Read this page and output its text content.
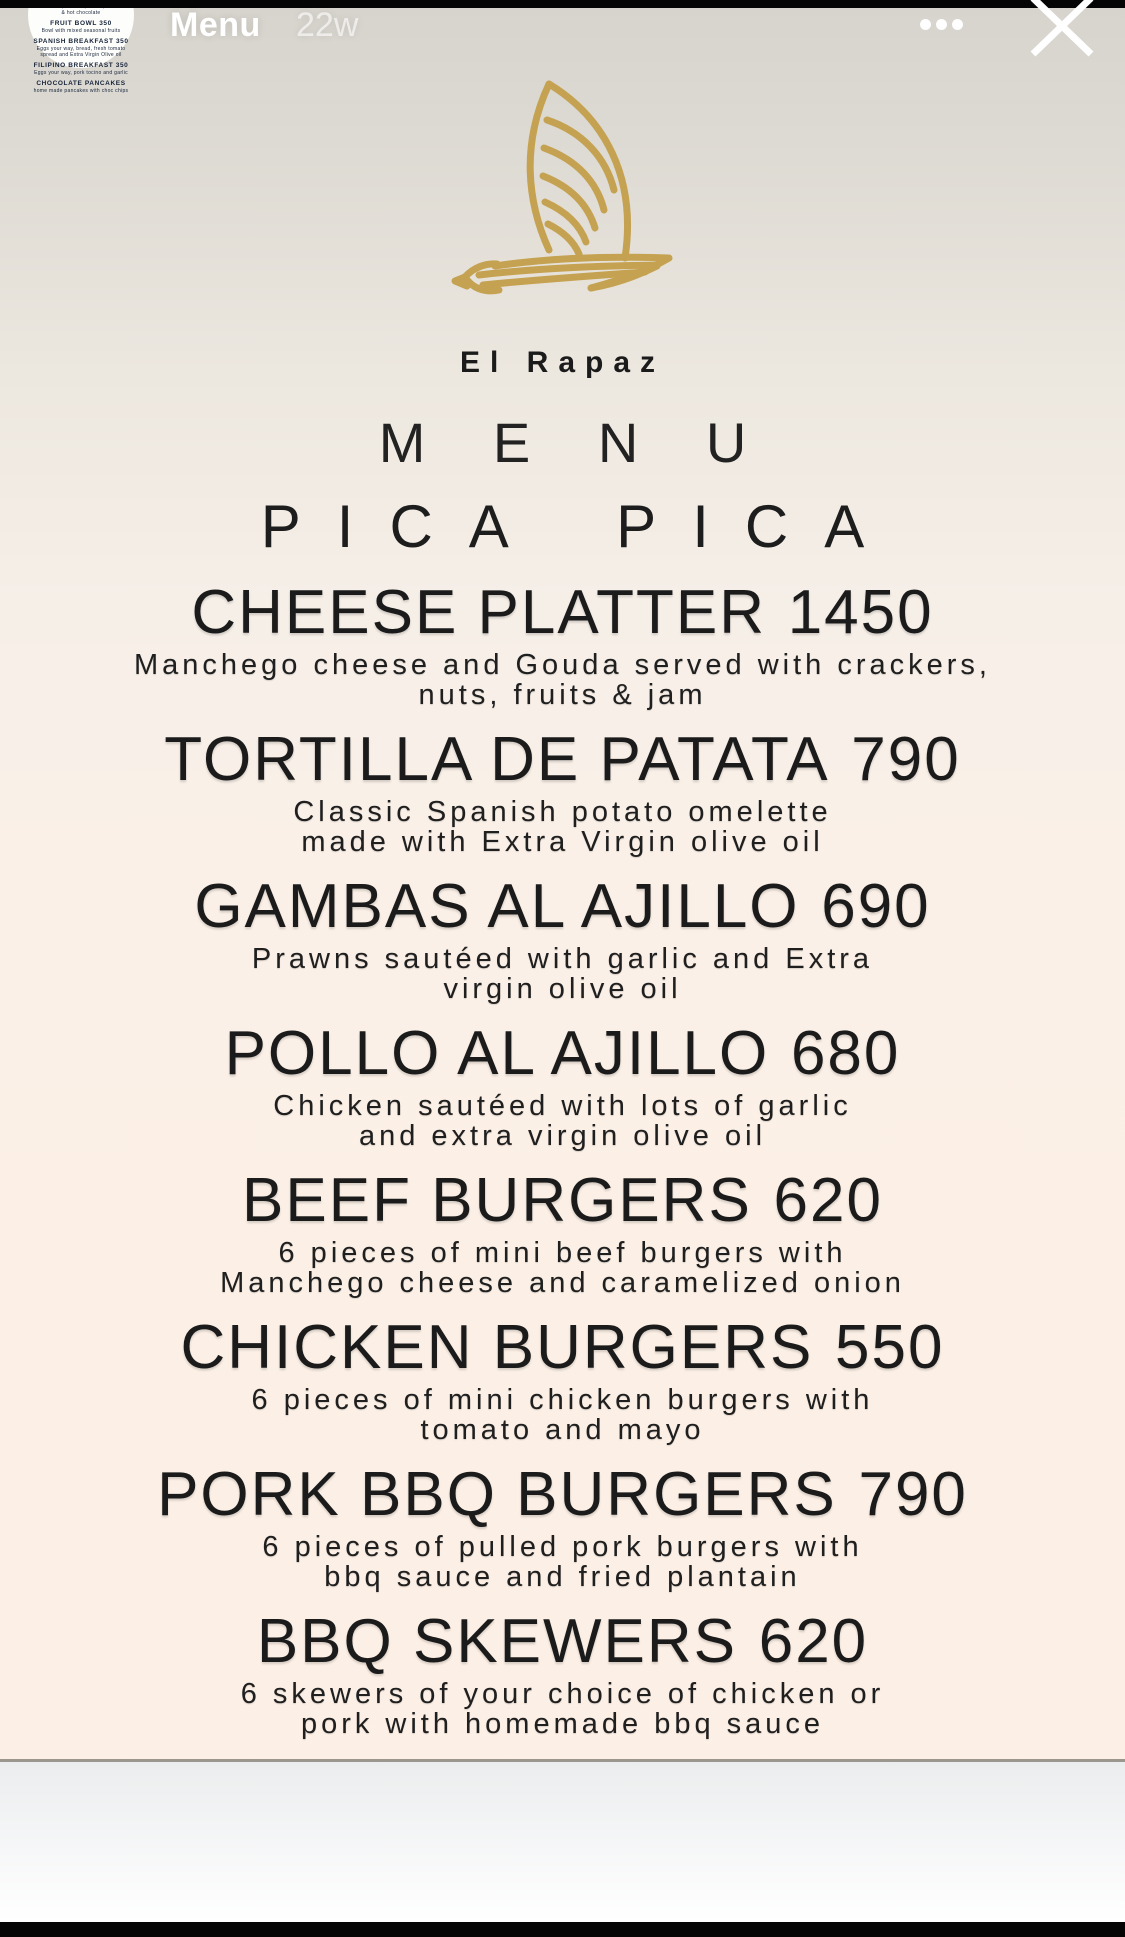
El Rapaz
M E N U
PICA PICA
CHEESE PLATTER 1450
Manchego cheese and Gouda served with crackers,
nuts, fruits & jam
TORTILLA DE PATATA 790
Classic Spanish potato omelette
made with Extra Virgin olive oil
GAMBAS AL AJILLO 690
Prawns sautéed with garlic and Extra
virgin olive oil
POLLO AL AJILLO 680
Chicken sautéed with lots of garlic
and extra virgin olive oil
BEEF BURGERS 620
6 pieces of mini beef burgers with
Manchego cheese and caramelized onion
CHICKEN BURGERS 550
6 pieces of mini chicken burgers with
tomato and mayo
PORK BBQ BURGERS 790
6 pieces of pulled pork burgers with
bbq sauce and fried plantain
BBQ SKEWERS 620
6 skewers of your choice of chicken or
pork with homemade bbq sauce
& hot chocolate
FRUIT BOWL 350
Bowl with mixed seasonal fruits
SPANISH BREAKFAST 350
Eggs your way, bread, fresh tomato
spread and Extra Virgin Olive oil
FILIPINO BREAKFAST 350
Eggs your way, pork tocino and garlic
CHOCOLATE PANCAKES
home made pancakes with choc chips
Menu 22w
